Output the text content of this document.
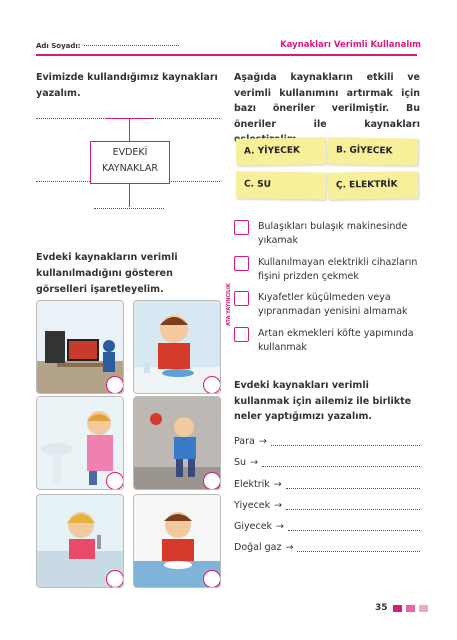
Adı Soyadı:	Kaynakları Verimli Kullanalım
Evimizde kullandığımız kaynakları yazalım.
EVDEKİ
KAYNAKLAR
Evdeki kaynakların verimli kullanılmadığını gösteren görselleri işaretleyelim.	ATA YAYINCILIK
Aşağıda kaynakların etkili ve verimli kullanımını artırmak için bazı öneriler verilmiştir. Bu öneriler ile kaynakları
A. YİYECEK	B. GİYECEK
C. SU	Ç. ELEKTRİK
Bulaşıkları bulaşık makinesinde yıkamak
Kullanılmayan elektrikli cihazların fişini prizden çekmek
Kıyafetler küçülmeden veya yıpranmadan yenisini almamak
Artan ekmekleri köfte yapımında kullanmak
Evdeki kaynakları verimli kullanmak için ailemiz ile birlikte neler yaptığımızı yazalım.
Para →
Su →
Elektrik →
Yiyecek →
Giyecek →
Doğal gaz →
35
